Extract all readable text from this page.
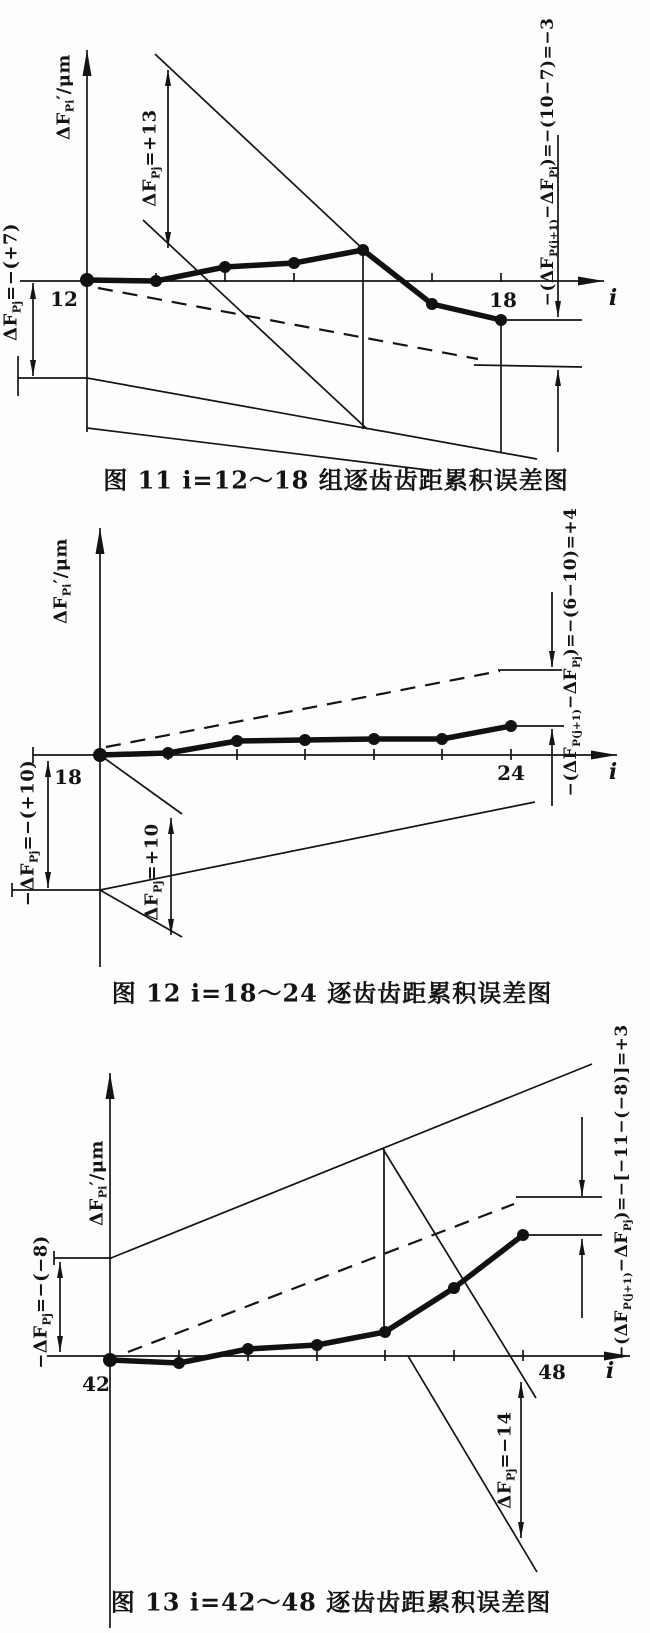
12	18	i
图 11 i=12～18 组逐齿齿距累积误差图
18	24	i
图 12 i=18～24 逐齿齿距累积误差图
42	48 i
图 13 i=42～48 逐齿齿距累积误差图
$\Delta F_{Pi}'/\mu m$
$\Delta F_{Pj}=+13$
$\Delta F_{Pj}=-(+7)$	$-(\Delta F_{P(j+1)}-\Delta F_{Pj})=-(10-7)=-3$
$\Delta F_{Pi}'/\mu m$
$-\Delta F_{Pj}=-(+10)$
$\Delta F_{Pj}=+10$
$-(\Delta F_{P(j+1)}-\Delta F_{Pj})=-(6-10)=+4$
$\Delta F_{Pi}'/\mu m$
$-\Delta F_{Pj}=-(-8)$
$\Delta F_{Pj}=-14$
$-(\Delta F_{P(j+1)}-\Delta F_{Pj})=-[-11-(-8)]=+3$
